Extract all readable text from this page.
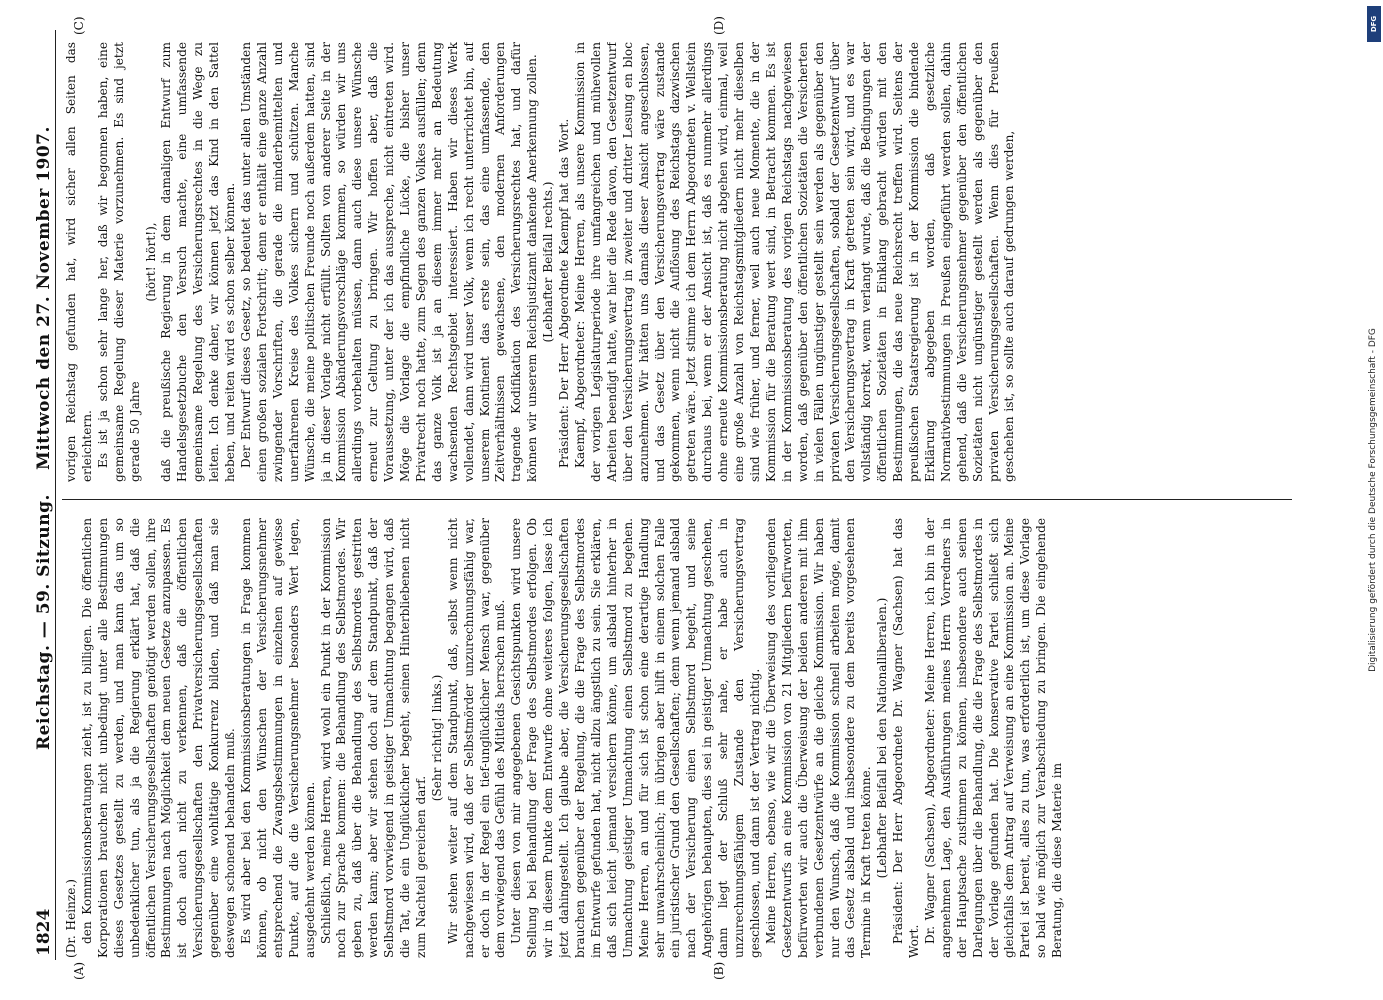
1824
Reichstag. — 59. Sitzung.
Mittwoch den 27. November 1907.
(A)	(B)
(C)	(D)

(Dr. Heinze.) den Kommissionsberatungen zieht, ist zu billigen. Die öffentlichen Korporationen brauchen nicht unbedingt unter alle Bestimmungen dieses Gesetzes gestellt zu werden, und man kann das um so unbedenklicher tun, als ja die Regierung erklärt hat, daß die öffentlichen Versicherungsgesellschaften genötigt werden sollen, ihre Bestimmungen nach Möglichkeit dem neuen Gesetze anzupassen. Es ist doch auch nicht zu verkennen, daß die öffentlichen Versicherungsgesellschaften den Privatversicherungsgesellschaften gegenüber eine wohltätige Konkurrenz bilden, und daß man sie deswegen schonend behandeln muß. Es wird aber bei den Kommissionsberatungen in Frage kommen können, ob nicht den Wünschen der Versicherungsnehmer entsprechend die Zwangsbestimmungen in einzelnen auf gewisse Punkte, auf die die Versicherungsnehmer besonders Wert legen, ausgedehnt werden können. Schließlich, meine Herren, wird wohl ein Punkt in der Kommission noch zur Sprache kommen: die Behandlung des Selbstmordes. Wir geben zu, daß über die Behandlung des Selbstmordes gestritten werden kann; aber wir stehen doch auf dem Standpunkt, daß der Selbstmord vorwiegend in geistiger Umnachtung begangen wird, daß die Tat, die ein Unglücklicher begeht, seinen Hinterbliebenen nicht zum Nachteil gereichen darf.

(Sehr richtig! links.) Wir stehen weiter auf dem Standpunkt, daß, selbst wenn nicht nachgewiesen wird, daß der Selbstmörder unzurechnungsfähig war, er doch in der Regel ein tief-unglücklicher Mensch war, gegenüber dem vorwiegend das Gefühl des Mitleids herrschen muß. Unter diesen von mir angegebenen Gesichtspunkten wird unsere Stellung bei Behandlung der Frage des Selbstmordes erfolgen. Ob wir in diesem Punkte dem Entwurfe ohne weiteres folgen, lasse ich jetzt dahingestellt. Ich glaube aber, die Versicherungsgesellschaften brauchen gegenüber der Regelung, die die Frage des Selbstmordes im Entwurfe gefunden hat, nicht allzu ängstlich zu sein. Sie erklären, daß sich leicht jemand versichern könne, um alsbald hinterher in Umnachtung geistiger Umnachtung einen Selbstmord zu begehen. Meine Herren, an und für sich ist schon eine derartige Handlung sehr unwahrscheinlich; im übrigen aber hilft in einem solchen Falle ein juristischer Grund den Gesellschaften; denn wenn jemand alsbald nach der Versicherung einen Selbstmord begeht, und seine Angehörigen behaupten, dies sei in geistiger Umnachtung geschehen, dann liegt der Schluß sehr nahe, er habe auch in unzurechnungsfähigem Zustande den Versicherungsvertrag geschlossen, und dann ist der Vertrag nichtig. Meine Herren, ebenso, wie wir die Überweisung des vorliegenden Gesetzentwurfs an eine Kommission von 21 Mitgliedern befürworten, befürworten wir auch die Überweisung der beiden anderen mit ihm verbundenen Gesetzentwürfe an die gleiche Kommission. Wir haben nur den Wunsch, daß die Kommission schnell arbeiten möge, damit das Gesetz alsbald und insbesondere zu dem bereits vorgesehenen Termine in Kraft treten könne. (Lebhafter Beifall bei den Nationalliberalen.) Präsident: Der Herr Abgeordnete Dr. Wagner (Sachsen) hat das Wort. Dr. Wagner (Sachsen), Abgeordneter: Meine Herren, ich bin in der angenehmen Lage, den Ausführungen meines Herrn Vorredners in der Hauptsache zustimmen zu können, insbesondere auch seinen Darlegungen über die Behandlung, die die Frage des Selbstmordes in der Vorlage gefunden hat. Die konservative Partei schließt sich gleichfalls dem Antrag auf Verweisung an eine Kommission an. Meine Partei ist bereit, alles zu tun, was erforderlich ist, um diese Vorlage so bald wie möglich zur Verabschiedung zu bringen. Die eingehende Beratung, die diese Materie im

vorigen Reichstag gefunden hat, wird sicher allen Seiten das erleichtern. Es ist ja schon sehr lange her, daß wir begonnen haben, eine gemeinsame Regelung dieser Materie vorzunehmen. Es sind jetzt gerade 50 Jahre

(hört! hört!), daß die preußische Regierung in dem damaligen Entwurf zum Handelsgesetzbuche den Versuch machte, eine umfassende gemeinsame Regelung des Versicherungsrechtes in die Wege zu leiten. Ich denke daher, wir können jetzt das Kind in den Sattel heben, und reiten wird es schon selber können. Der Entwurf dieses Gesetz, so bedeutet das unter allen Umständen einen großen sozialen Fortschritt; denn er enthält eine ganze Anzahl zwingender Vorschriften, die gerade die minderbemittelten und unerfahrenen Kreise des Volkes sichern und schützen. Manche Wünsche, die meine politischen Freunde noch außerdem hatten, sind ja in dieser Vorlage nicht erfüllt. Sollten von anderer Seite in der Kommission Abänderungsvorschläge kommen, so würden wir uns allerdings vorbehalten müssen, dann auch diese unsere Wünsche erneut zur Geltung zu bringen. Wir hoffen aber, daß die Voraussetzung, unter der ich das ausspreche, nicht eintreten wird. Möge die Vorlage die empfindliche Lücke, die bisher unser Privatrecht noch hatte, zum Segen des ganzen Volkes ausfüllen; denn das ganze Volk ist ja an diesem immer mehr an Bedeutung wachsenden Rechtsgebiet interessiert. Haben wir dieses Werk vollendet, dann wird unser Volk, wenn ich recht unterrichtet bin, auf unserem Kontinent das erste sein, das eine umfassende, den Zeitverhältnissen gewachsene, den modernen Anforderungen tragende Kodifikation des Versicherungsrechtes hat, und dafür können wir unserem Reichsjustizamt dankende Anerkennung zollen. (Lebhafter Beifall rechts.) Präsident: Der Herr Abgeordnete Kaempf hat das Wort. Kaempf, Abgeordneter: Meine Herren, als unsere Kommission in der vorigen Legislaturperiode ihre umfangreichen und mühevollen Arbeiten beendigt hatte, war hier die Rede davon, den Gesetzentwurf über den Versicherungsvertrag in zweiter und dritter Lesung en bloc anzunehmen. Wir hätten uns damals dieser Ansicht angeschlossen, und das Gesetz über den Versicherungsvertrag wäre zustande gekommen, wenn nicht die Auflösung des Reichstags dazwischen getreten wäre. Jetzt stimme ich dem Herrn Abgeordneten v. Wellstein durchaus bei, wenn er der Ansicht ist, daß es nunmehr allerdings ohne erneute Kommissionsberatung nicht abgehen wird, einmal, weil eine große Anzahl von Reichstagsmitgliedern nicht mehr dieselben sind wie früher, und ferner, weil auch neue Momente, die in der Kommission für die Beratung wert sind, in Betracht kommen. Es ist in der Kommissionsberatung des vorigen Reichstags nachgewiesen worden, daß gegenüber den öffentlichen Sozietäten die Versicherten in vielen Fällen ungünstiger gestellt sein werden als gegenüber den privaten Versicherungsgesellschaften, sobald der Gesetzentwurf über den Versicherungsvertrag in Kraft getreten sein wird, und es war vollständig korrekt, wenn verlangt wurde, daß die Bedingungen der öffentlichen Sozietäten in Einklang gebracht würden mit den Bestimmungen, die das neue Reichsrecht treffen wird. Seitens der preußischen Staatsregierung ist in der Kommission die bindende Erklärung abgegeben worden, daß gesetzliche Normativbestimmungen in Preußen eingeführt werden sollen, dahin gehend, daß die Versicherungsnehmer gegenüber den öffentlichen Sozietäten nicht ungünstiger gestellt werden als gegenüber den privaten Versicherungsgesellschaften. Wenn dies für Preußen geschehen ist, so sollte auch darauf gedrungen werden,

Digitalisierung gefördert durch die Deutsche Forschungsgemeinschaft - DFG
DFG
